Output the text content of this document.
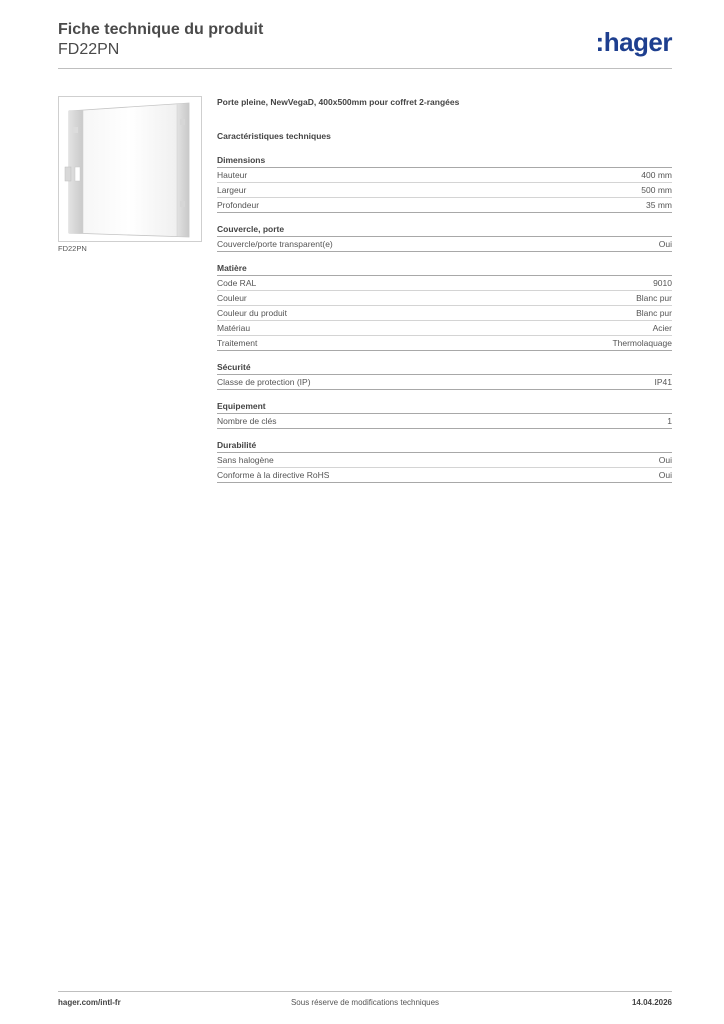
Fiche technique du produit
FD22PN	:hager
FD22PN
Porte pleine, NewVegaD, 400x500mm pour coffret 2-rangées
Caractéristiques techniques
Dimensions
Hauteur	400 mm
Largeur	500 mm
Profondeur	35 mm
Couvercle, porte
Couvercle/porte transparent(e)	Oui
Matière
Code RAL	9010
Couleur	Blanc pur
Couleur du produit	Blanc pur
Matériau	Acier
Traitement	Thermolaquage
Sécurité
Classe de protection (IP)	IP41
Equipement
Nombre de clés	1
Durabilité
Sans halogène	Oui
Conforme à la directive RoHS	Oui
hager.com/intl-fr	Sous réserve de modifications techniques	14.04.2026
